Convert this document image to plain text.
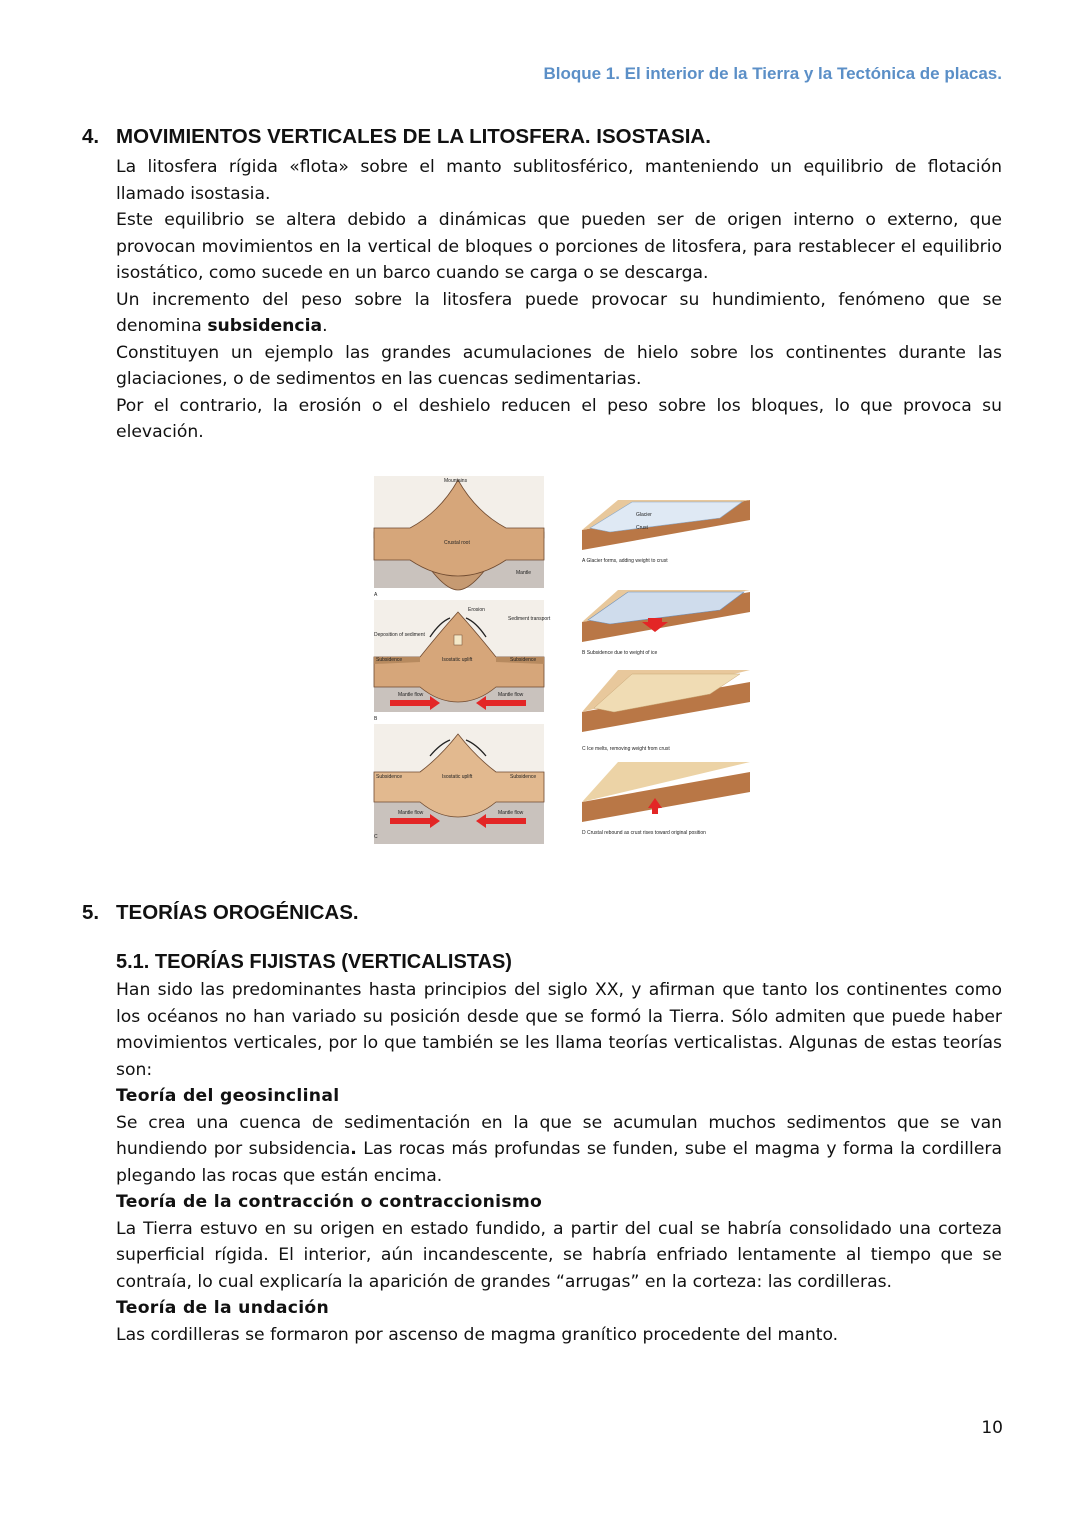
Bloque 1. El interior de la Tierra y la Tectónica de placas.
4. MOVIMIENTOS VERTICALES DE LA LITOSFERA. ISOSTASIA.

La litosfera rígida «flota» sobre el manto sublitosférico, manteniendo un equilibrio de flotación llamado isostasia.

Este equilibrio se altera debido a dinámicas que pueden ser de origen interno o externo, que provocan movimientos en la vertical de bloques o porciones de litosfera, para restablecer el equilibrio isostático, como sucede en un barco cuando se carga o se descarga.

Un incremento del peso sobre la litosfera puede provocar su hundimiento, fenómeno que se denomina subsidencia.

Constituyen un ejemplo las grandes acumulaciones de hielo sobre los continentes durante las glaciaciones, o de sedimentos en las cuencas sedimentarias.

Por el contrario, la erosión o el deshielo reducen el peso sobre los bloques, lo que provoca su elevación.

Mountains
Crustal root
Mantle
A
Deposition of sediment
Erosion
Sediment transport
Subsidence	Isostatic uplift	Subsidence
Mantle flow	Mantle flow
B
Subsidence	Isostatic uplift	Subsidence
Mantle flow	Mantle flow
C
Glacier
Crust
A Glacier forms, adding weight to crust
B Subsidence due to weight of ice
C Ice melts, removing weight from crust
D Crustal rebound as crust rises toward original position
5. TEORÍAS OROGÉNICAS.
5.1. TEORÍAS FIJISTAS (VERTICALISTAS)

Han sido las predominantes hasta principios del siglo XX, y afirman que tanto los continentes como los océanos no han variado su posición desde que se formó la Tierra. Sólo admiten que puede haber movimientos verticales, por lo que también se les llama teorías verticalistas. Algunas de estas teorías son:

Teoría del geosinclinal

Se crea una cuenca de sedimentación en la que se acumulan muchos sedimentos que se van hundiendo por subsidencia. Las rocas más profundas se funden, sube el magma y forma la cordillera plegando las rocas que están encima.

Teoría de la contracción o contraccionismo

La Tierra estuvo en su origen en estado fundido, a partir del cual se habría consolidado una corteza superficial rígida. El interior, aún incandescente, se habría enfriado lentamente al tiempo que se contraía, lo cual explicaría la aparición de grandes “arrugas” en la corteza: las cordilleras.

Teoría de la undación

Las cordilleras se formaron por ascenso de magma granítico procedente del manto.

10
